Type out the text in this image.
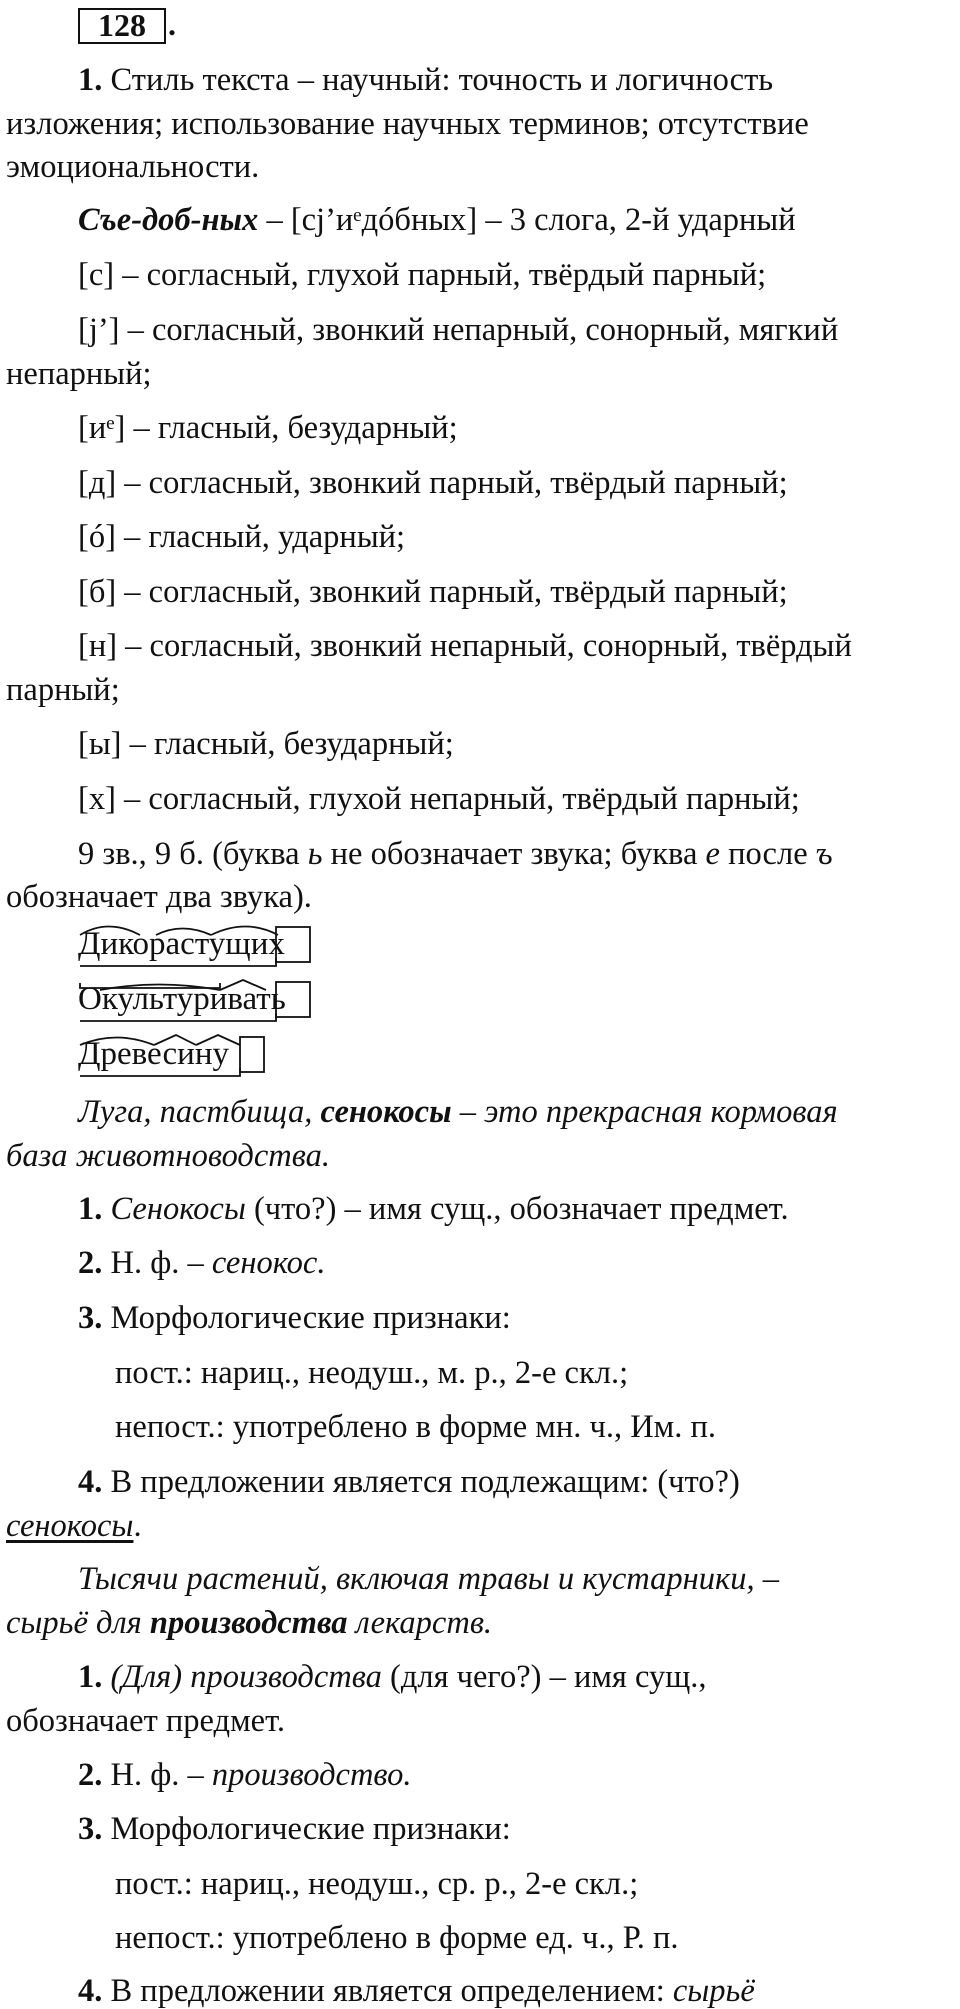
128 .
1. Стиль текста – научный: точность и логичность
изложения; использование научных терминов; отсутствие
эмоциональности.
Съе-доб-ных – [cj’иᵉдóбных] – 3 слога, 2-й ударный
[с] – согласный, глухой парный, твёрдый парный;
[j’] – согласный, звонкий непарный, сонорный, мягкий
непарный;
[иᵉ] – гласный, безударный;
[д] – согласный, звонкий парный, твёрдый парный;
[ó] – гласный, ударный;
[б] – согласный, звонкий парный, твёрдый парный;
[н] – согласный, звонкий непарный, сонорный, твёрдый
парный;
[ы] – гласный, безударный;
[х] – согласный, глухой непарный, твёрдый парный;
9 зв., 9 б. (буква ь не обозначает звука; буква е после ъ
обозначает два звука).
Дикорастущих
Окультуривать
Древесину
Луга, пастбища, сенокосы – это прекрасная кормовая
база животноводства.
1. Сенокосы (что?) – имя сущ., обозначает предмет.
2. Н. ф. – сенокос.
3. Морфологические признаки:
пост.: нариц., неодуш., м. р., 2-е скл.;
непост.: употреблено в форме мн. ч., Им. п.
4. В предложении является подлежащим: (что?)
сенокосы.
Тысячи растений, включая травы и кустарники, –
сырьё для производства лекарств.
1. (Для) производства (для чего?) – имя сущ.,
обозначает предмет.
2. Н. ф. – производство.
3. Морфологические признаки:
пост.: нариц., неодуш., ср. р., 2-е скл.;
непост.: употреблено в форме ед. ч., Р. п.
4. В предложении является определением: сырьё
